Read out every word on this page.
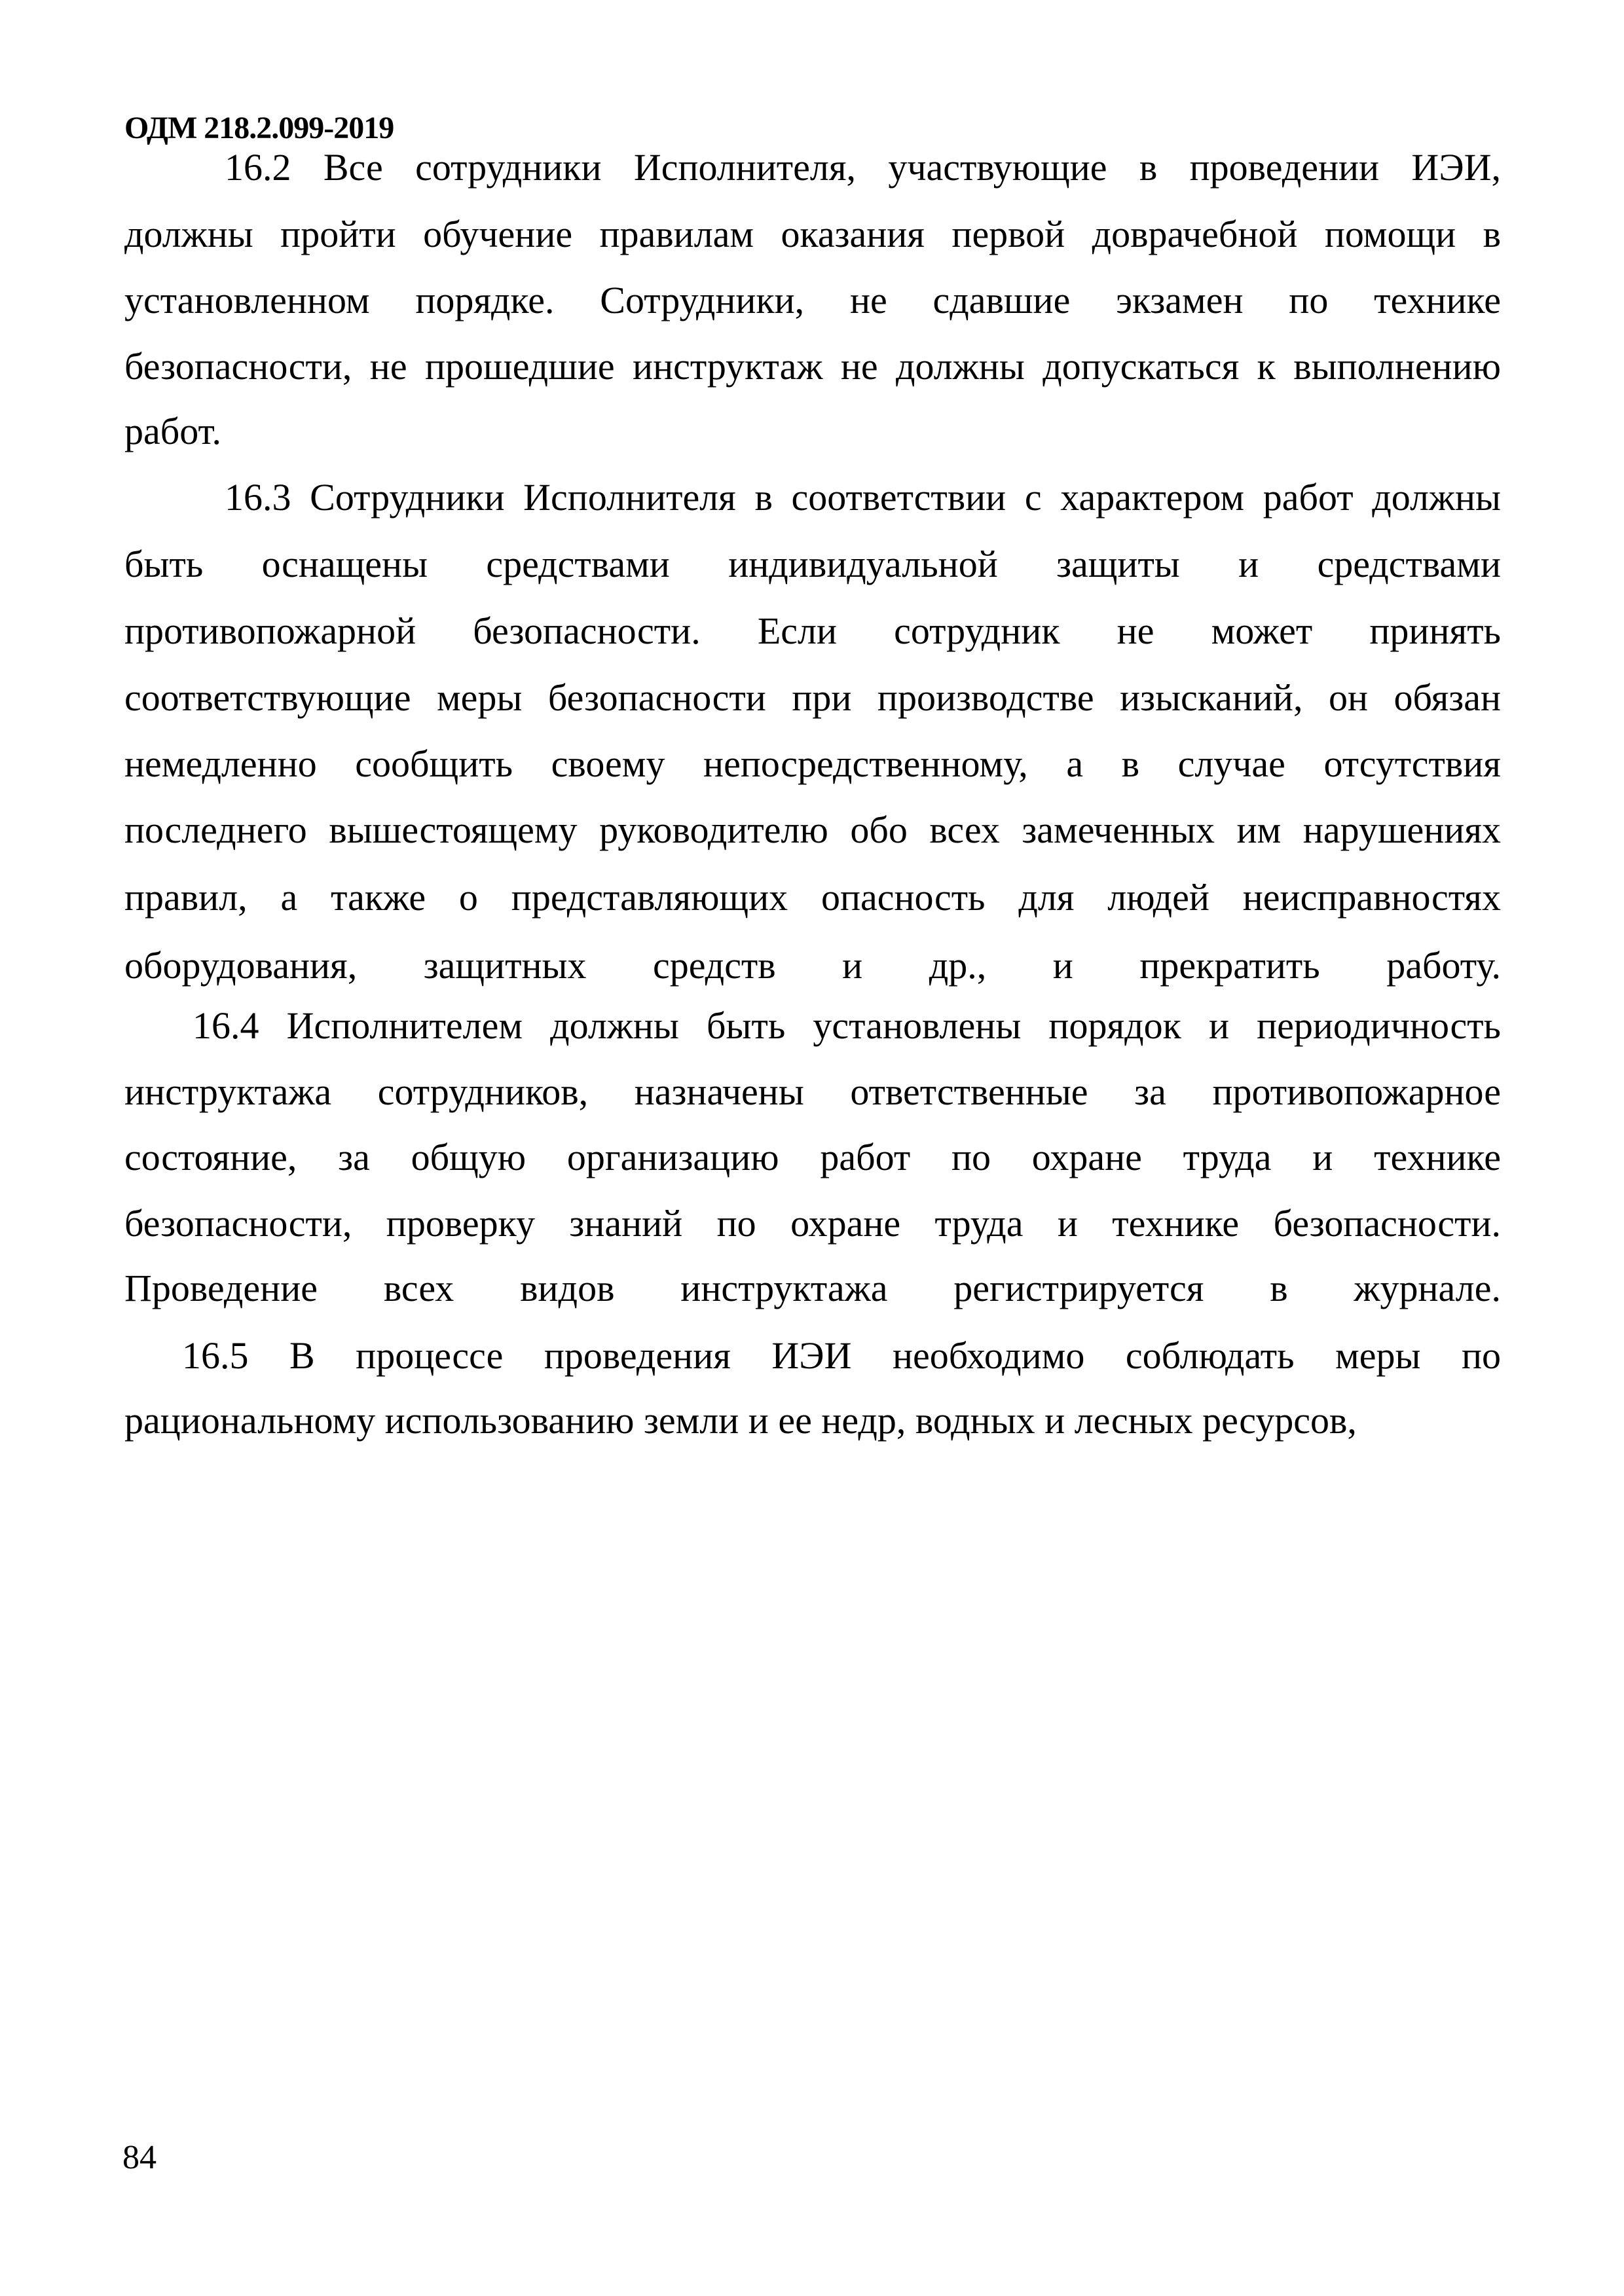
ОДМ 218.2.099-2019
16.2 Все сотрудники Исполнителя, участвующие в проведении ИЭИ,
должны пройти обучение правилам оказания первой доврачебной помощи в
установленном порядке. Сотрудники, не сдавшие экзамен по технике
безопасности, не прошедшие инструктаж не должны допускаться к выполнению
работ.
16.3 Сотрудники Исполнителя в соответствии с характером работ должны
быть оснащены средствами индивидуальной защиты и средствами
противопожарной безопасности. Если сотрудник не может принять
соответствующие меры безопасности при производстве изысканий, он обязан
немедленно сообщить своему непосредственному, а в случае отсутствия
последнего вышестоящему руководителю обо всех замеченных им нарушениях
правил, а также о представляющих опасность для людей неисправностях
оборудования, защитных средств и др., и прекратить работу.
16.4 Исполнителем должны быть установлены порядок и периодичность
инструктажа сотрудников, назначены ответственные за противопожарное
состояние, за общую организацию работ по охране труда и технике
безопасности, проверку знаний по охране труда и технике безопасности.
Проведение всех видов инструктажа регистрируется в журнале.
16.5 В процессе проведения ИЭИ необходимо соблюдать меры по
рациональному использованию земли и ее недр, водных и лесных ресурсов,
84
